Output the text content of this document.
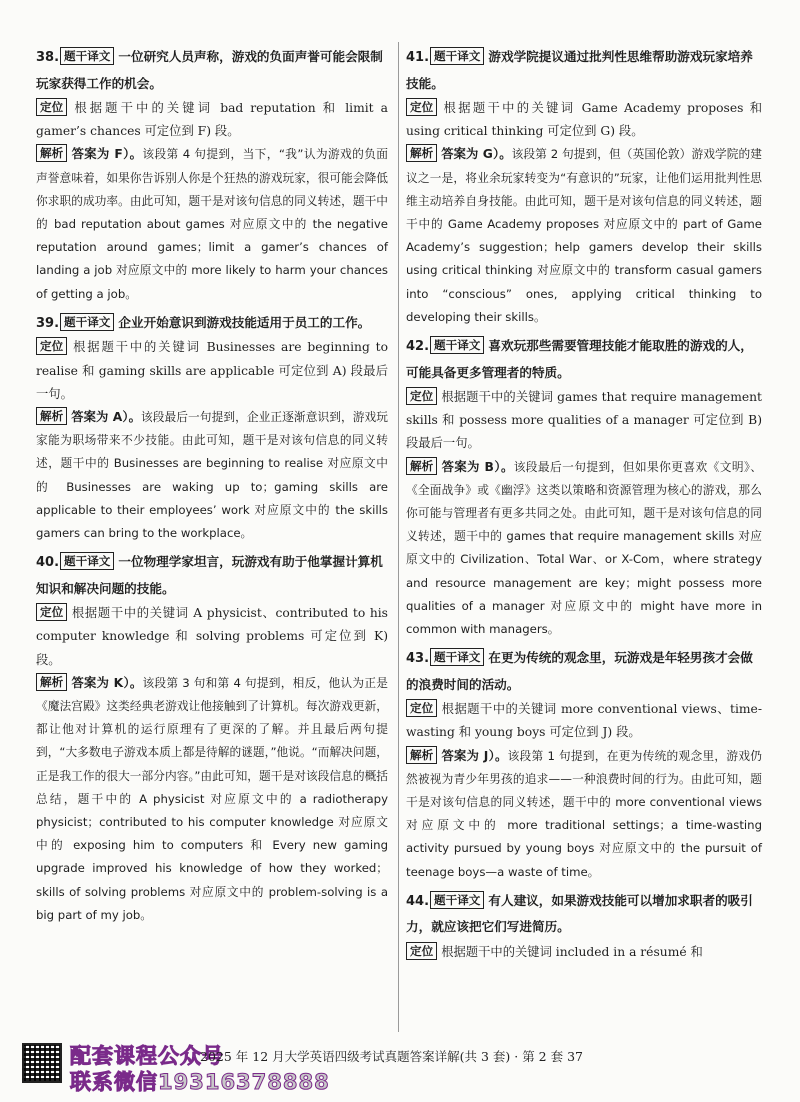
38. 题干译文 一位研究人员声称，游戏的负面声誉可能会限制玩家获得工作的机会。
定位 根据题干中的关键词 bad reputation 和 limit a gamer’s chances 可定位到 F) 段。
解析 答案为 F）。该段第 4 句提到，当下，“我”认为游戏的负面声誉意味着，如果你告诉别人你是个狂热的游戏玩家，很可能会降低你求职的成功率。由此可知，题干是对该句信息的同义转述，题干中的 bad reputation about games 对应原文中的 the negative reputation around games；limit a gamer’s chances of landing a job 对应原文中的 more likely to harm your chances of getting a job。
39. 题干译文 企业开始意识到游戏技能适用于员工的工作。
定位 根据题干中的关键词 Businesses are beginning to realise 和 gaming skills are applicable 可定位到 A) 段最后一句。
解析 答案为 A）。该段最后一句提到，企业正逐渐意识到，游戏玩家能为职场带来不少技能。由此可知，题干是对该句信息的同义转述，题干中的 Businesses are beginning to realise 对应原文中的 Businesses are waking up to；gaming skills are applicable to their employees’ work 对应原文中的 the skills gamers can bring to the workplace。
40. 题干译文 一位物理学家坦言，玩游戏有助于他掌握计算机知识和解决问题的技能。
定位 根据题干中的关键词 A physicist、contributed to his computer knowledge 和 solving problems 可定位到 K) 段。
解析 答案为 K）。该段第 3 句和第 4 句提到，相反，他认为正是《魔法宫殿》这类经典老游戏让他接触到了计算机。每次游戏更新，都让他对计算机的运行原理有了更深的了解。并且最后两句提到，“大多数电子游戏本质上都是待解的谜题，”他说。“而解决问题，正是我工作的很大一部分内容。”由此可知，题干是对该段信息的概括总结，题干中的 A physicist 对应原文中的 a radiotherapy physicist；contributed to his computer knowledge 对应原文中的 exposing him to computers 和 Every new gaming upgrade improved his knowledge of how they worked；skills of solving problems 对应原文中的 problem-solving is a big part of my job。
41. 题干译文 游戏学院提议通过批判性思维帮助游戏玩家培养技能。
定位 根据题干中的关键词 Game Academy proposes 和 using critical thinking 可定位到 G) 段。
解析 答案为 G）。该段第 2 句提到，但（英国伦敦）游戏学院的建议之一是，将业余玩家转变为“有意识的”玩家，让他们运用批判性思维主动培养自身技能。由此可知，题干是对该句信息的同义转述，题干中的 Game Academy proposes 对应原文中的 part of Game Academy’s suggestion；help gamers develop their skills using critical thinking 对应原文中的 transform casual gamers into “conscious” ones, applying critical thinking to developing their skills。
42. 题干译文 喜欢玩那些需要管理技能才能取胜的游戏的人，可能具备更多管理者的特质。
定位 根据题干中的关键词 games that require management skills 和 possess more qualities of a manager 可定位到 B) 段最后一句。
解析 答案为 B）。该段最后一句提到，但如果你更喜欢《文明》、《全面战争》或《幽浮》这类以策略和资源管理为核心的游戏，那么你可能与管理者有更多共同之处。由此可知，题干是对该句信息的同义转述，题干中的 games that require management skills 对应原文中的 Civilization、Total War、or X-Com，where strategy and resource management are key；might possess more qualities of a manager 对应原文中的 might have more in common with managers。
43. 题干译文 在更为传统的观念里，玩游戏是年轻男孩才会做的浪费时间的活动。
定位 根据题干中的关键词 more conventional views、time-wasting 和 young boys 可定位到 J) 段。
解析 答案为 J）。该段第 1 句提到，在更为传统的观念里，游戏仍然被视为青少年男孩的追求——一种浪费时间的行为。由此可知，题干是对该句信息的同义转述，题干中的 more conventional views 对应原文中的 more traditional settings；a time-wasting activity pursued by young boys 对应原文中的 the pursuit of teenage boys—a waste of time。
44. 题干译文 有人建议，如果游戏技能可以增加求职者的吸引力，就应该把它们写进简历。
定位 根据题干中的关键词 included in a résumé 和
配套课程公众号
联系微信19316378888
2025 年 12 月大学英语四级考试真题答案详解(共 3 套) · 第 2 套 37
